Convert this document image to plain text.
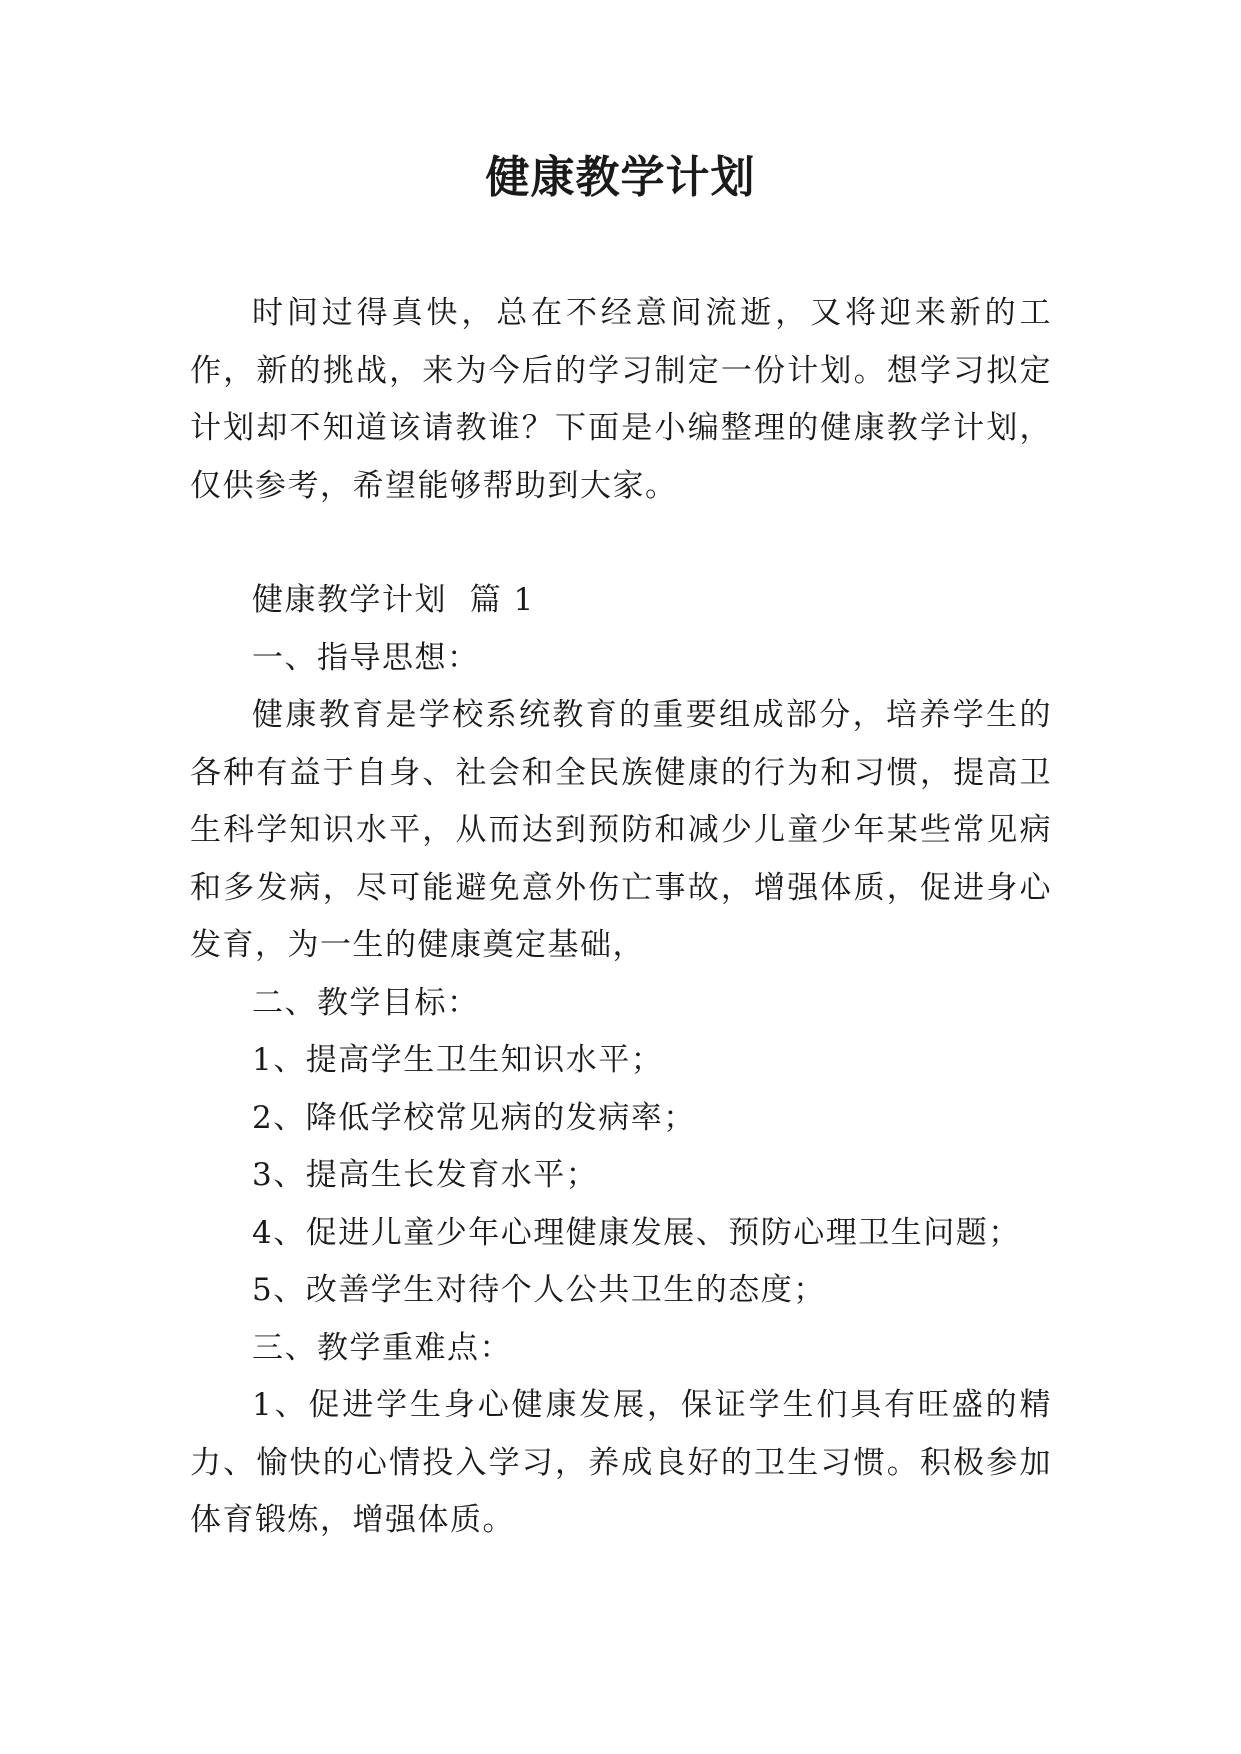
健康教学计划

时间过得真快，总在不经意间流逝，又将迎来新的工作，新的挑战，来为今后的学习制定一份计划。想学习拟定计划却不知道该请教谁？下面是小编整理的健康教学计划，仅供参考，希望能够帮助到大家。

健康教学计划  篇 1

一、指导思想：

健康教育是学校系统教育的重要组成部分，培养学生的各种有益于自身、社会和全民族健康的行为和习惯，提高卫生科学知识水平，从而达到预防和减少儿童少年某些常见病和多发病，尽可能避免意外伤亡事故，增强体质，促进身心发育，为一生的健康奠定基础，

二、教学目标：

1、提高学生卫生知识水平；

2、降低学校常见病的发病率；

3、提高生长发育水平；

4、促进儿童少年心理健康发展、预防心理卫生问题；

5、改善学生对待个人公共卫生的态度；

三、教学重难点：

1、促进学生身心健康发展，保证学生们具有旺盛的精力、愉快的心情投入学习，养成良好的卫生习惯。积极参加体育锻炼，增强体质。
